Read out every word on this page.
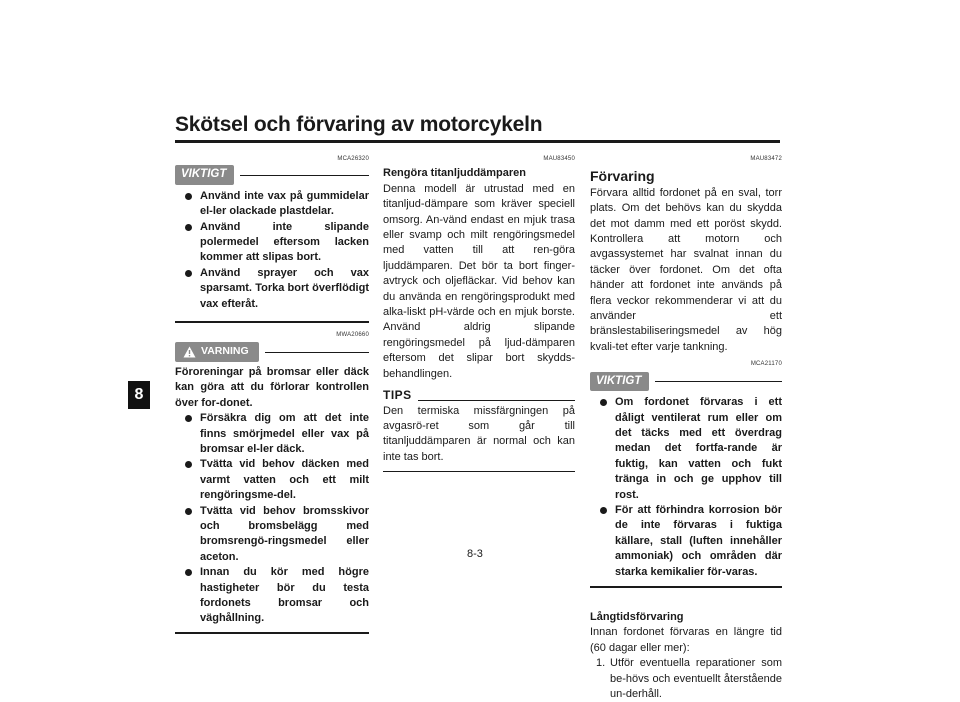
Skötsel och förvaring av motorcykeln
8
MCA26320
VIKTIGT
Använd inte vax på gummidelar el-ler olackade plastdelar.
Använd inte slipande polermedel eftersom lacken kommer att slipas bort.
Använd sprayer och vax sparsamt. Torka bort överflödigt vax efteråt.
MWA20660
VARNING
Föroreningar på bromsar eller däck kan göra att du förlorar kontrollen över for-donet.
Försäkra dig om att det inte finns smörjmedel eller vax på bromsar el-ler däck.
Tvätta vid behov däcken med varmt vatten och ett milt rengöringsme-del.
Tvätta vid behov bromsskivor och bromsbelägg med bromsrengö-ringsmedel eller aceton.
Innan du kör med högre hastigheter bör du testa fordonets bromsar och väghållning.
MAU83450
Rengöra titanljuddämparen
Denna modell är utrustad med en titanljud-dämpare som kräver speciell omsorg. An-vänd endast en mjuk trasa eller svamp och milt rengöringsmedel med vatten till att ren-göra ljuddämparen. Det bör ta bort finger-avtryck och oljefläckar. Vid behov kan du använda en rengöringsprodukt med alka-liskt pH-värde och en mjuk borste. Använd aldrig slipande rengöringsmedel på ljud-dämparen eftersom det slipar bort skydds-behandlingen.
TIPS
Den termiska missfärgningen på avgasrö-ret som går till titanljuddämparen är normal och kan inte tas bort.
MAU83472
Förvaring
Förvara alltid fordonet på en sval, torr plats. Om det behövs kan du skydda det mot damm med ett poröst skydd. Kontrollera att motorn och avgassystemet har svalnat innan du täcker över fordonet. Om det ofta händer att fordonet inte används på flera veckor rekommenderar vi att du använder ett bränslestabiliseringsmedel av hög kvali-tet efter varje tankning.
MCA21170
VIKTIGT
Om fordonet förvaras i ett dåligt ventilerat rum eller om det täcks med ett överdrag medan det fortfa-rande är fuktig, kan vatten och fukt tränga in och ge upphov till rost.
För att förhindra korrosion bör de inte förvaras i fuktiga källare, stall (luften innehåller ammoniak) och områden där starka kemikalier för-varas.
Långtidsförvaring
Innan fordonet förvaras en längre tid (60 dagar eller mer):
1. Utför eventuella reparationer som be-hövs och eventuellt återstående un-derhåll.
8-3
